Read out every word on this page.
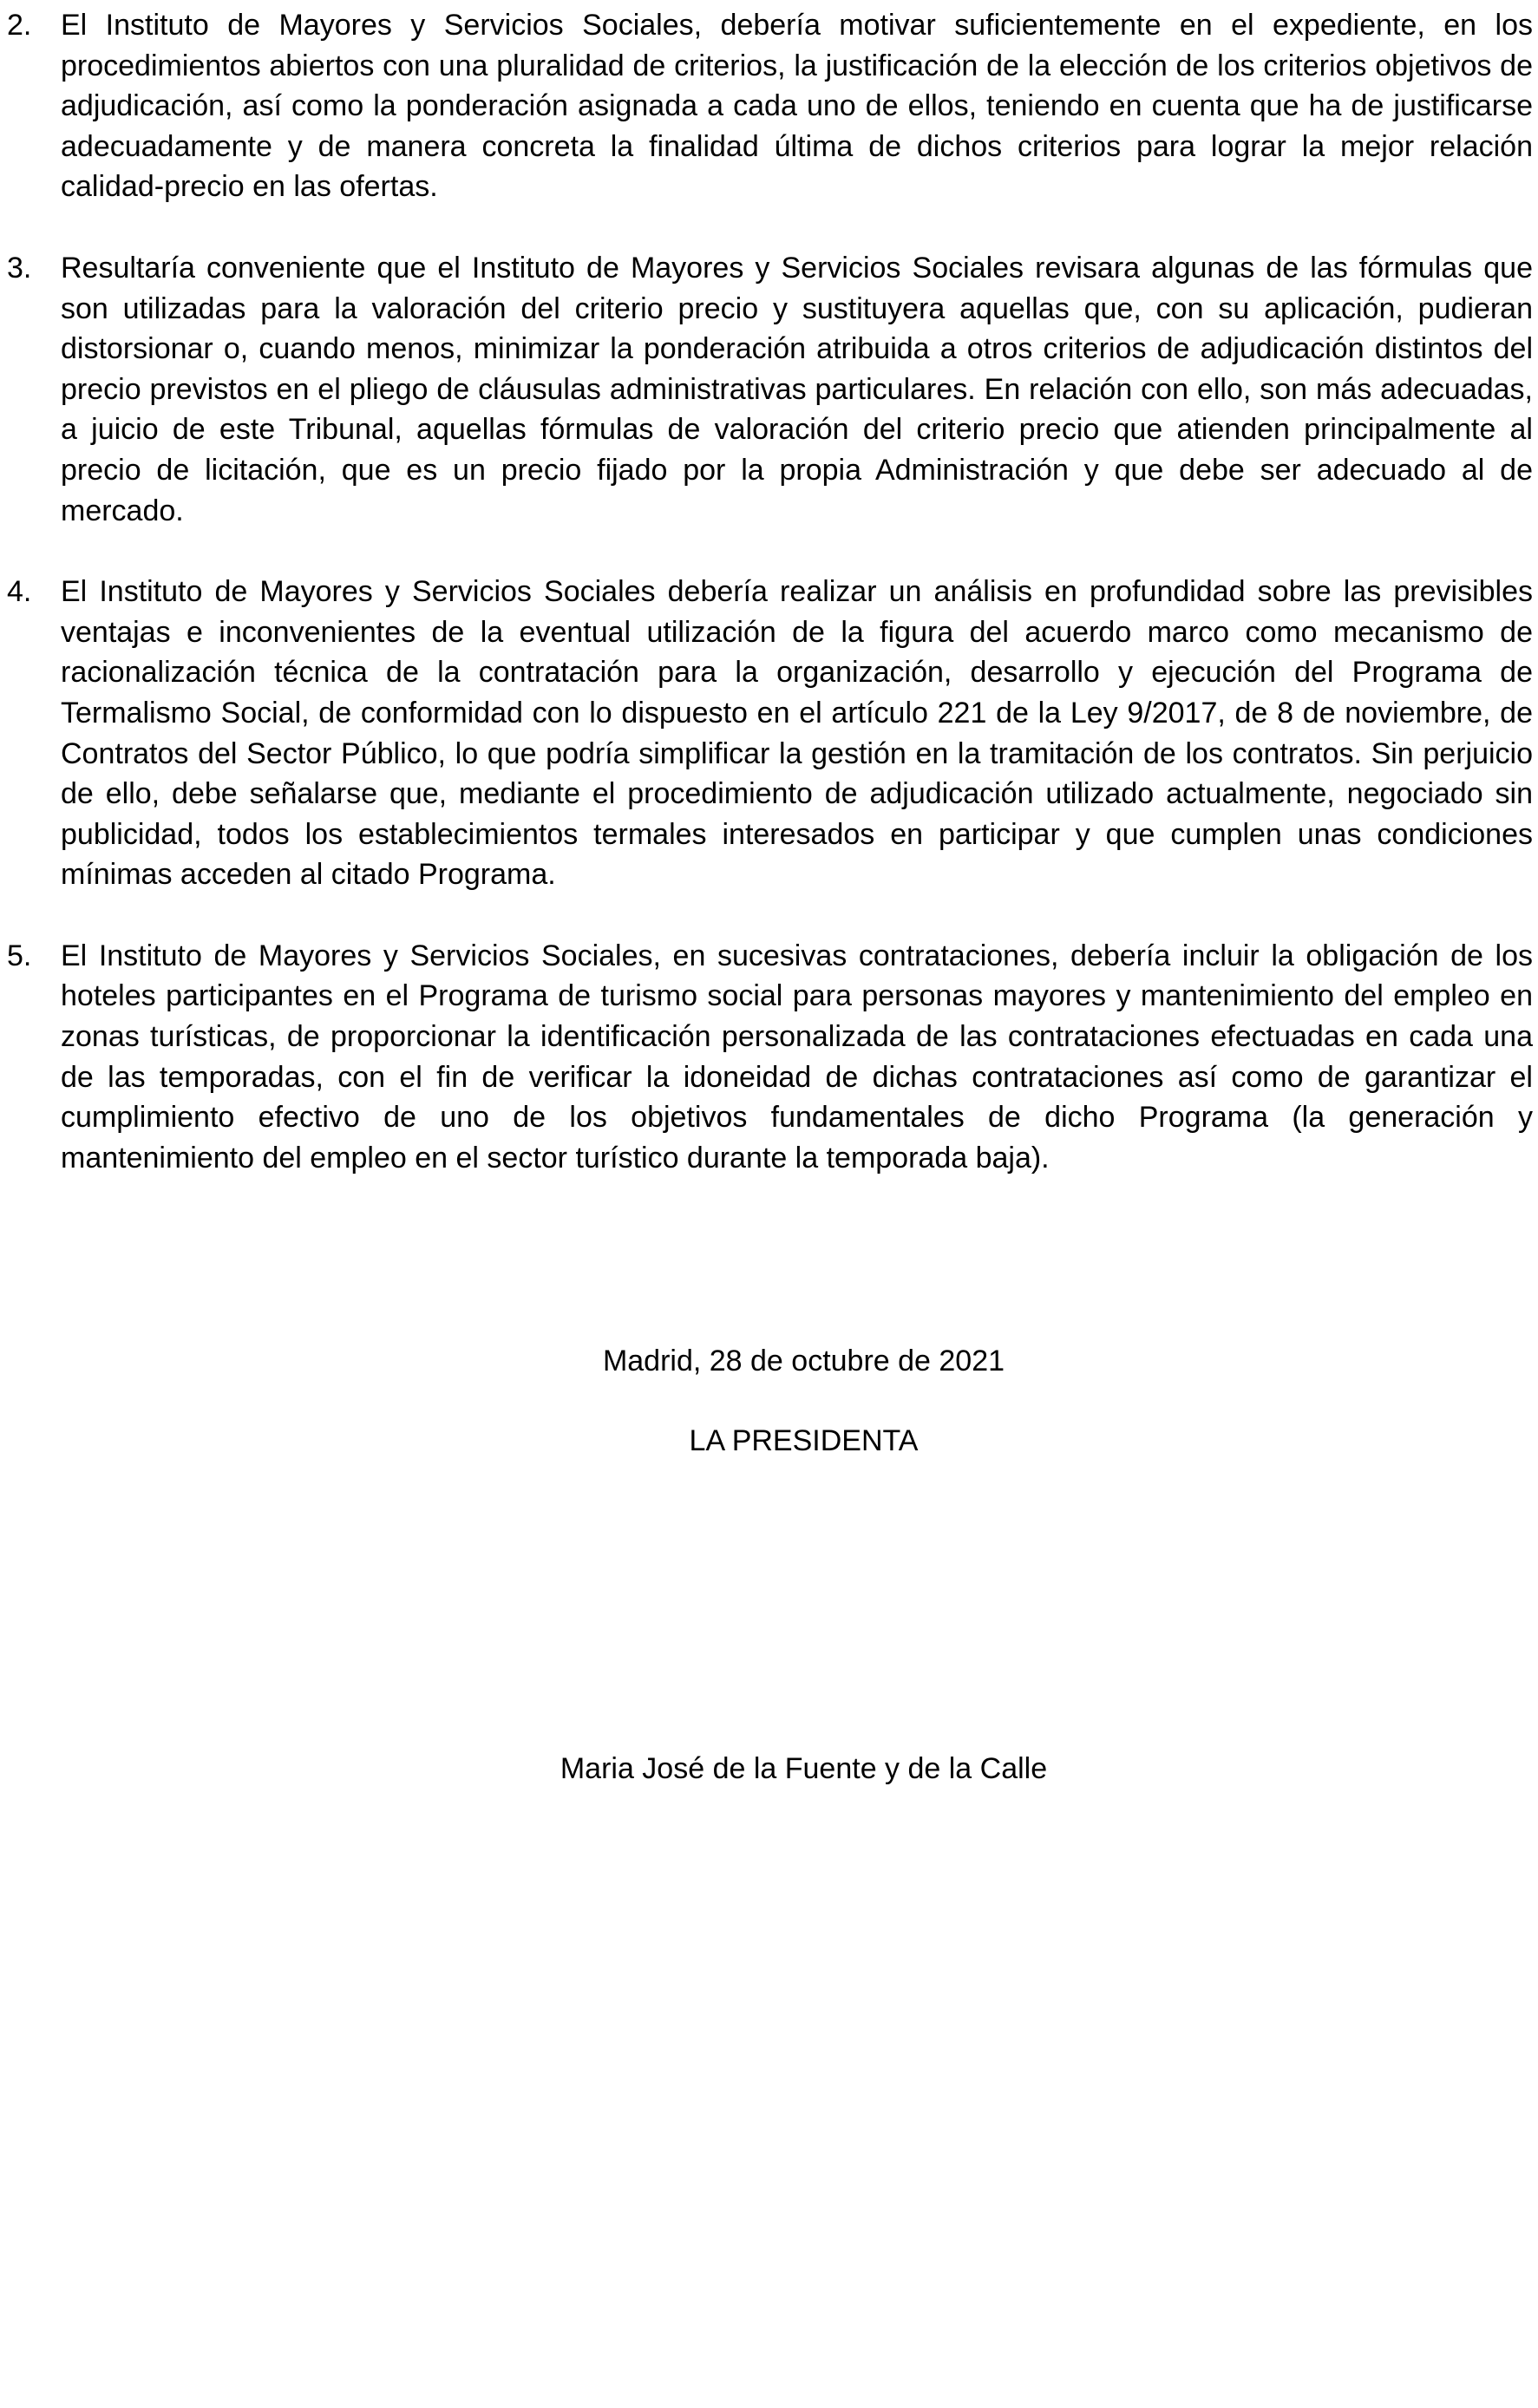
2. El Instituto de Mayores y Servicios Sociales, debería motivar suficientemente en el expediente, en los procedimientos abiertos con una pluralidad de criterios, la justificación de la elección de los criterios objetivos de adjudicación, así como la ponderación asignada a cada uno de ellos, teniendo en cuenta que ha de justificarse adecuadamente y de manera concreta la finalidad última de dichos criterios para lograr la mejor relación calidad-precio en las ofertas.
3. Resultaría conveniente que el Instituto de Mayores y Servicios Sociales revisara algunas de las fórmulas que son utilizadas para la valoración del criterio precio y sustituyera aquellas que, con su aplicación, pudieran distorsionar o, cuando menos, minimizar la ponderación atribuida a otros criterios de adjudicación distintos del precio previstos en el pliego de cláusulas administrativas particulares. En relación con ello, son más adecuadas, a juicio de este Tribunal, aquellas fórmulas de valoración del criterio precio que atienden principalmente al precio de licitación, que es un precio fijado por la propia Administración y que debe ser adecuado al de mercado.
4. El Instituto de Mayores y Servicios Sociales debería realizar un análisis en profundidad sobre las previsibles ventajas e inconvenientes de la eventual utilización de la figura del acuerdo marco como mecanismo de racionalización técnica de la contratación para la organización, desarrollo y ejecución del Programa de Termalismo Social, de conformidad con lo dispuesto en el artículo 221 de la Ley 9/2017, de 8 de noviembre, de Contratos del Sector Público, lo que podría simplificar la gestión en la tramitación de los contratos. Sin perjuicio de ello, debe señalarse que, mediante el procedimiento de adjudicación utilizado actualmente, negociado sin publicidad, todos los establecimientos termales interesados en participar y que cumplen unas condiciones mínimas acceden al citado Programa.
5. El Instituto de Mayores y Servicios Sociales, en sucesivas contrataciones, debería incluir la obligación de los hoteles participantes en el Programa de turismo social para personas mayores y mantenimiento del empleo en zonas turísticas, de proporcionar la identificación personalizada de las contrataciones efectuadas en cada una de las temporadas, con el fin de verificar la idoneidad de dichas contrataciones así como de garantizar el cumplimiento efectivo de uno de los objetivos fundamentales de dicho Programa (la generación y mantenimiento del empleo en el sector turístico durante la temporada baja).
Madrid, 28 de octubre de 2021
LA PRESIDENTA
Maria José de la Fuente y de la Calle
